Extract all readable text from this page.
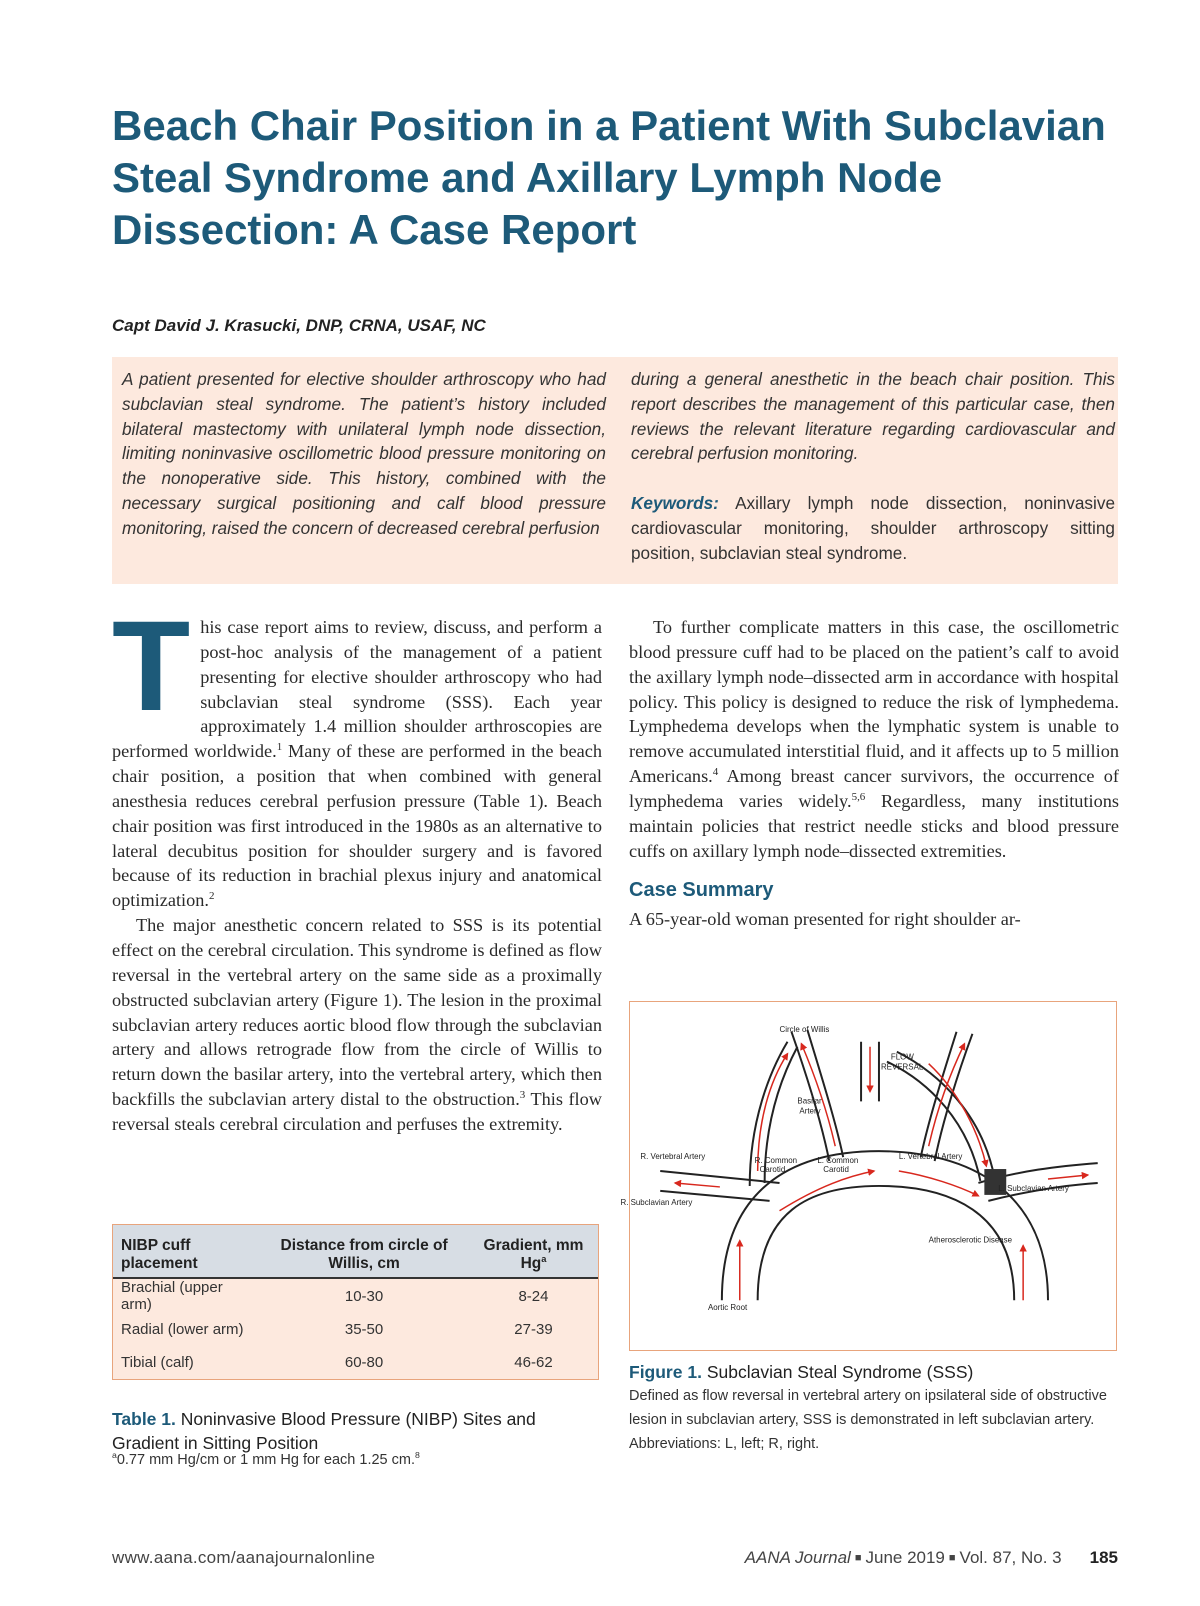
Beach Chair Position in a Patient With Subclavian Steal Syndrome and Axillary Lymph Node Dissection: A Case Report
Capt David J. Krasucki, DNP, CRNA, USAF, NC

A patient presented for elective shoulder arthroscopy who had subclavian steal syndrome. The patient’s history included bilateral mastectomy with unilateral lymph node dissection, limiting noninvasive oscillometric blood pressure monitoring on the nonoperative side. This history, combined with the necessary surgical positioning and calf blood pressure monitoring, raised the concern of decreased cerebral perfusion

during a general anesthetic in the beach chair position. This report describes the management of this particular case, then reviews the relevant literature regarding cardiovascular and cerebral perfusion monitoring.

Keywords: Axillary lymph node dissection, noninvasive cardiovascular monitoring, shoulder arthroscopy sitting position, subclavian steal syndrome.

This case report aims to review, discuss, and perform a post-hoc analysis of the management of a patient presenting for elective shoulder arthroscopy who had subclavian steal syndrome (SSS). Each year approximately 1.4 million shoulder arthroscopies are performed worldwide.$^1$ Many of these are performed in the beach chair position, a position that when combined with general anesthesia reduces cerebral perfusion pressure (Table 1). Beach chair position was first introduced in the 1980s as an alternative to lateral decubitus position for shoulder surgery and is favored because of its reduction in brachial plexus injury and anatomical optimization.$^2$

The major anesthetic concern related to SSS is its potential effect on the cerebral circulation. This syndrome is defined as flow reversal in the vertebral artery on the same side as a proximally obstructed subclavian artery (Figure 1). The lesion in the proximal subclavian artery reduces aortic blood flow through the subclavian artery and allows retrograde flow from the circle of Willis to return down the basilar artery, into the vertebral artery, which then backfills the subclavian artery distal to the obstruction.$^3$ This flow reversal steals cerebral circulation and perfuses the extremity.

To further complicate matters in this case, the oscillometric blood pressure cuff had to be placed on the patient’s calf to avoid the axillary lymph node–dissected arm in accordance with hospital policy. This policy is designed to reduce the risk of lymphedema. Lymphedema develops when the lymphatic system is unable to remove accumulated interstitial fluid, and it affects up to 5 million Americans.$^4$ Among breast cancer survivors, the occurrence of lymphedema varies widely.$^{5,6}$ Regardless, many institutions maintain policies that restrict needle sticks and blood pressure cuffs on axillary lymph node–dissected extremities.

Case Summary

A 65-year-old woman presented for right shoulder ar-

NIBP cuff placement	Distance from circle of Willis, cm	Gradient, mm Hg$^a$
Brachial (upper arm)	10-30	8-24
Radial (lower arm)	35-50	27-39
Tibial (calf)	60-80	46-62
Table 1. Noninvasive Blood Pressure (NIBP) Sites and Gradient in Sitting Position
$^a$0.77 mm Hg/cm or 1 mm Hg for each 1.25 cm.$^8$
Circle of Willis
FLOW
REVERSAL
Basilar
Artery
R. Vertebral Artery	L. Vertebral Artery
R. Common
Carotid
L. Common
Carotid
R. Subclavian Artery
L. Subclavian Artery
Atherosclerotic Disease
Aortic Root
Figure 1. Subclavian Steal Syndrome (SSS)
Defined as flow reversal in vertebral artery on ipsilateral side of obstructive lesion in subclavian artery, SSS is demonstrated in left subclavian artery.
Abbreviations: L, left; R, right.
www.aana.com/aanajournalonline	AANA Journal ■ June 2019 ■ Vol. 87, No. 3 185
